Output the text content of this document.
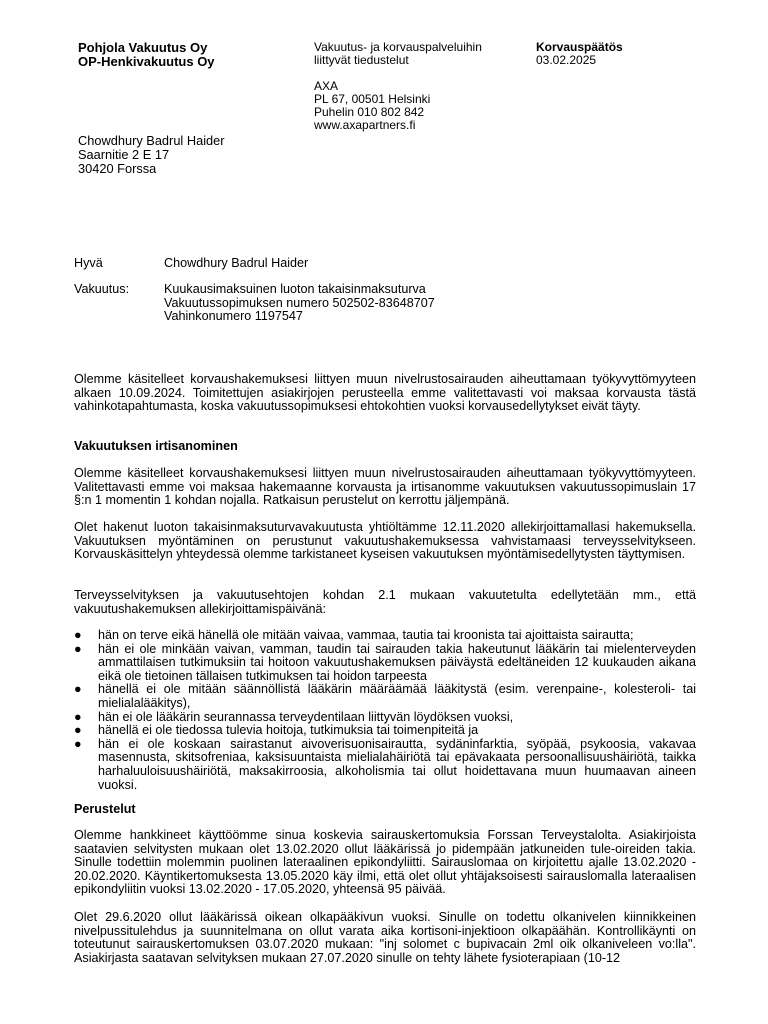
Pohjola Vakuutus Oy
OP-Henkivakuutus Oy
Vakuutus- ja korvauspalveluihin
liittyvät tiedustelut
AXA
PL 67, 00501 Helsinki
Puhelin 010 802 842
www.axapartners.fi
Korvauspäätös
03.02.2025
Chowdhury Badrul Haider
Saarnitie 2 E 17
30420 Forssa
Hyvä	Chowdhury Badrul Haider
Vakuutus:	Kuukausimaksuinen luoton takaisinmaksuturva
Vakuutussopimuksen numero 502502-83648707
Vahinkonumero 1197547
Olemme käsitelleet korvaushakemuksesi liittyen muun nivelrustosairauden aiheuttamaan työkyvyttömyyteen alkaen 10.09.2024. Toimitettujen asiakirjojen perusteella emme valitettavasti voi maksaa korvausta tästä vahinkotapahtumasta, koska vakuutussopimuksesi ehtokohtien vuoksi korvausedellytykset eivät täyty.
Vakuutuksen irtisanominen
Olemme käsitelleet korvaushakemuksesi liittyen muun nivelrustosairauden aiheuttamaan työkyvyttömyyteen. Valitettavasti emme voi maksaa hakemaanne korvausta ja irtisanomme vakuutuksen vakuutussopimuslain 17 §:n 1 momentin 1 kohdan nojalla. Ratkaisun perustelut on kerrottu jäljempänä.
Olet hakenut luoton takaisinmaksuturvavakuutusta yhtiöltämme 12.11.2020 allekirjoittamallasi hakemuksella. Vakuutuksen myöntäminen on perustunut vakuutushakemuksessa vahvistamaasi terveysselvitykseen. Korvauskäsittelyn yhteydessä olemme tarkistaneet kyseisen vakuutuksen myöntämisedellytysten täyttymisen.
Terveysselvityksen ja vakuutusehtojen kohdan 2.1 mukaan vakuutetulta edellytetään mm., että vakuutushakemuksen allekirjoittamispäivänä:
● hän on terve eikä hänellä ole mitään vaivaa, vammaa, tautia tai kroonista tai ajoittaista sairautta;
● hän ei ole minkään vaivan, vamman, taudin tai sairauden takia hakeutunut lääkärin tai mielenterveyden ammattilaisen tutkimuksiin tai hoitoon vakuutushakemuksen päiväystä edeltäneiden 12 kuukauden aikana eikä ole tietoinen tällaisen tutkimuksen tai hoidon tarpeesta
● hänellä ei ole mitään säännöllistä lääkärin määräämää lääkitystä (esim. verenpaine-, kolesteroli- tai mielialalääkitys),
● hän ei ole lääkärin seurannassa terveydentilaan liittyvän löydöksen vuoksi,
● hänellä ei ole tiedossa tulevia hoitoja, tutkimuksia tai toimenpiteitä ja
● hän ei ole koskaan sairastanut aivoverisuonisairautta, sydäninfarktia, syöpää, psykoosia, vakavaa masennusta, skitsofreniaa, kaksisuuntaista mielialahäiriötä tai epävakaata persoonallisuushäiriötä, taikka harhaluuloisuushäiriötä, maksakirroosia, alkoholismia tai ollut hoidettavana muun huumaavan aineen vuoksi.
Perustelut
Olemme hankkineet käyttöömme sinua koskevia sairauskertomuksia Forssan Terveystalolta. Asiakirjoista saatavien selvitysten mukaan olet 13.02.2020 ollut lääkärissä jo pidempään jatkuneiden tule-oireiden takia. Sinulle todettiin molemmin puolinen lateraalinen epikondyliitti. Sairauslomaa on kirjoitettu ajalle 13.02.2020 - 20.02.2020. Käyntikertomuksesta 13.05.2020 käy ilmi, että olet ollut yhtäjaksoisesti sairauslomalla lateraalisen epikondyliitin vuoksi 13.02.2020 - 17.05.2020, yhteensä 95 päivää.
Olet 29.6.2020 ollut lääkärissä oikean olkapääkivun vuoksi. Sinulle on todettu olkanivelen kiinnikkeinen nivelpussitulehdus ja suunnitelmana on ollut varata aika kortisoni-injektioon olkapäähän. Kontrollikäynti on toteutunut sairauskertomuksen 03.07.2020 mukaan: "inj solomet c bupivacain 2ml oik olkaniveleen vo:lla". Asiakirjasta saatavan selvityksen mukaan 27.07.2020 sinulle on tehty lähete fysioterapiaan (10-12
